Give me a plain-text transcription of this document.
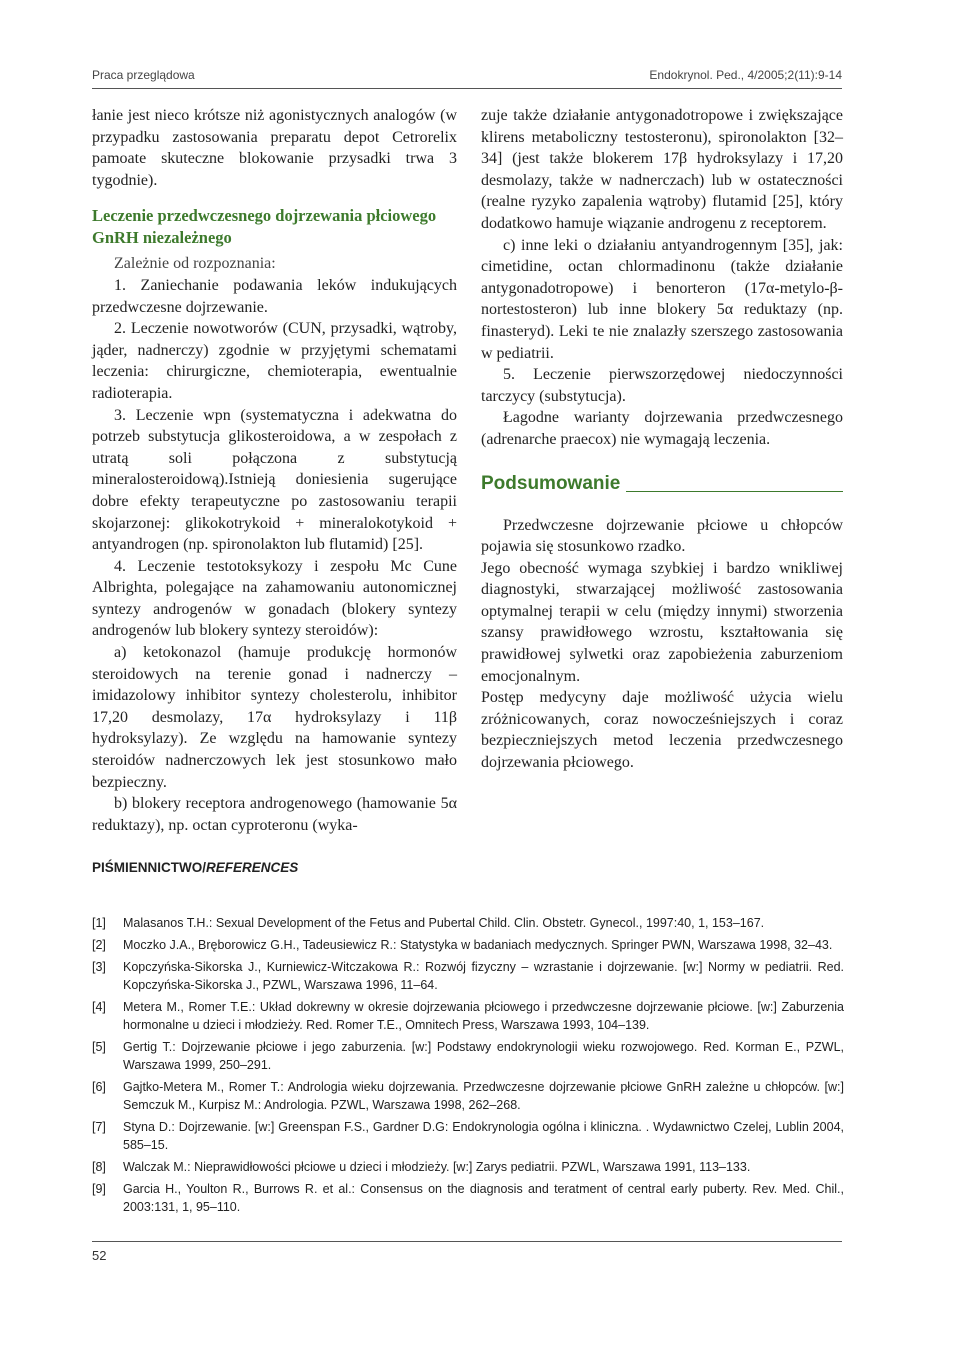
Praca przeglądowa	Endokrynol. Ped., 4/2005;2(11):9-14

łanie jest nieco krótsze niż agonistycznych analogów (w przypadku zastosowania preparatu depot Cetrorelix pamoate skuteczne blokowanie przysadki trwa 3 tygodnie).

Leczenie przedwczesnego dojrzewania płciowego GnRH niezależnego

Zależnie od rozpoznania:

1. Zaniechanie podawania leków indukujących przedwczesne dojrzewanie.

2. Leczenie nowotworów (CUN, przysadki, wątroby, jąder, nadnerczy) zgodnie w przyjętymi schematami leczenia: chirurgiczne, chemioterapia, ewentualnie radioterapia.

3. Leczenie wpn (systematyczna i adekwatna do potrzeb substytucja glikosteroidowa, a w zespołach z utratą soli połączona z substytucją mineralosteroidową).Istnieją doniesienia sugerujące dobre efekty terapeutyczne po zastosowaniu terapii skojarzonej: glikokotrykoid + mineralokotykoid + antyandrogen (np. spironolakton lub flutamid) [25].

4. Leczenie testotoksykozy i zespołu Mc Cune Albrighta, polegające na zahamowaniu autonomicznej syntezy androgenów w gonadach (blokery syntezy androgenów lub blokery syntezy steroidów):

a) ketokonazol (hamuje produkcję hormonów steroidowych na terenie gonad i nadnerczy – imidazolowy inhibitor syntezy cholesterolu, inhibitor 17,20 desmolazy, 17α hydroksylazy i 11β hydroksylazy). Ze względu na hamowanie syntezy steroidów nadnerczowych lek jest stosunkowo mało bezpieczny.

b) blokery receptora androgenowego (hamowanie 5α reduktazy), np. octan cyproteronu (wyka-

zuje także działanie antygonadotropowe i zwiększające klirens metaboliczny testosteronu), spironolakton [32–34] (jest także blokerem 17β hydroksylazy i 17,20 desmolazy, także w nadnerczach) lub w ostateczności (realne ryzyko zapalenia wątroby) flutamid [25], który dodatkowo hamuje wiązanie androgenu z receptorem.

c) inne leki o działaniu antyandrogennym [35], jak: cimetidine, octan chlormadinonu (także działanie antygonadotropowe) i benorteron (17α-metylo-β-nortestosteron) lub inne blokery 5α reduktazy (np. finasteryd). Leki te nie znalazły szerszego zastosowania w pediatrii.

5. Leczenie pierwszorzędowej niedoczynności tarczycy (substytucja).

Łagodne warianty dojrzewania przedwczesnego (adrenarche praecox) nie wymagają leczenia.

Podsumowanie

Przedwczesne dojrzewanie płciowe u chłopców pojawia się stosunkowo rzadko.

Jego obecność wymaga szybkiej i bardzo wnikliwej diagnostyki, stwarzającej możliwość zastosowania optymalnej terapii w celu (między innymi) stworzenia szansy prawidłowego wzrostu, kształtowania się prawidłowej sylwetki oraz zapobieżenia zaburzeniom emocjonalnym.

Postęp medycyny daje możliwość użycia wielu zróżnicowanych, coraz nowocześniejszych i coraz bezpieczniejszych metod leczenia przedwczesnego dojrzewania płciowego.

PIŚMIENNICTWO/REFERENCES
[1] Malasanos T.H.: Sexual Development of the Fetus and Pubertal Child. Clin. Obstetr. Gynecol., 1997:40, 1, 153–167.
[2] Moczko J.A., Bręborowicz G.H., Tadeusiewicz R.: Statystyka w badaniach medycznych. Springer PWN, Warszawa 1998, 32–43.
[3] Kopczyńska-Sikorska J., Kurniewicz-Witczakowa R.: Rozwój fizyczny – wzrastanie i dojrzewanie. [w:] Normy w pediatrii. Red. Kopczyńska-Sikorska J., PZWL, Warszawa 1996, 11–64.
[4] Metera M., Romer T.E.: Układ dokrewny w okresie dojrzewania płciowego i przedwczesne dojrzewanie płciowe. [w:] Zaburzenia hormonalne u dzieci i młodzieży. Red. Romer T.E., Omnitech Press, Warszawa 1993, 104–139.
[5] Gertig T.: Dojrzewanie płciowe i jego zaburzenia. [w:] Podstawy endokrynologii wieku rozwojowego. Red. Korman E., PZWL, Warszawa 1999, 250–291.
[6] Gajtko-Metera M., Romer T.: Andrologia wieku dojrzewania. Przedwczesne dojrzewanie płciowe GnRH zależne u chłopców. [w:] Semczuk M., Kurpisz M.: Andrologia. PZWL, Warszawa 1998, 262–268.
[7] Styna D.: Dojrzewanie. [w:] Greenspan F.S., Gardner D.G: Endokrynologia ogólna i kliniczna. . Wydawnictwo Czelej, Lublin 2004, 585–15.
[8] Walczak M.: Nieprawidłowości płciowe u dzieci i młodzieży. [w:] Zarys pediatrii. PZWL, Warszawa 1991, 113–133.
[9] Garcia H., Youlton R., Burrows R. et al.: Consensus on the diagnosis and teratment of central early puberty. Rev. Med. Chil., 2003:131, 1, 95–110.
52
